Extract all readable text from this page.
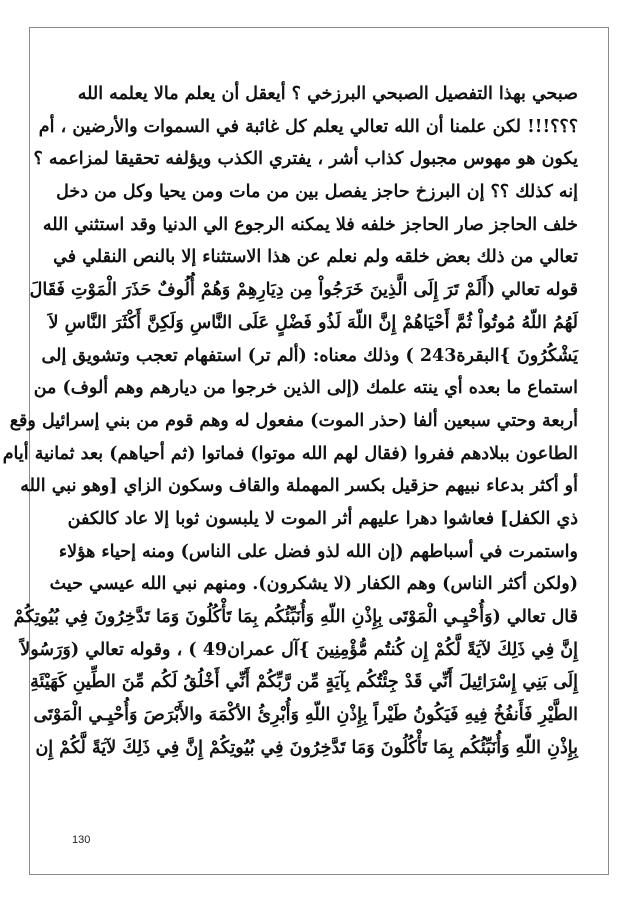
صبحي بهذا التفصيل الصبحي البرزخي ؟ أيعقل أن يعلم مالا يعلمه الله
؟؟؟!!! لكن علمنا أن الله تعالي يعلم كل غائبة في السموات والأرضين ، أم
يكون هو مهوس مجبول كذاب أشر ، يفتري الكذب ويؤلفه تحقيقا لمزاعمه ؟
إنه كذلك ؟؟ إن البرزخ حاجز يفصل بين من مات ومن يحيا وكل من دخل
خلف الحاجز صار الحاجز خلفه فلا يمكنه الرجوع الي الدنيا وقد استثني الله
تعالي من ذلك بعض خلقه ولم نعلم عن هذا الاستثناء إلا بالنص النقلي في
قوله تعالي (أَلَمْ تَرَ إِلَى الَّذِينَ خَرَجُواْ مِن دِيَارِهِمْ وَهُمْ أُلُوفٌ حَذَرَ الْمَوْتِ فَقَالَ
لَهُمُ اللّهُ مُوتُواْ ثُمَّ أَحْيَاهُمْ إِنَّ اللّهَ لَذُو فَضْلٍ عَلَى النَّاسِ وَلَكِنَّ أَكْثَرَ النَّاسِ لاَ
يَشْكُرُونَ }البقرة243 ) وذلك معناه: (ألم تر) استفهام تعجب وتشويق إلى
استماع ما بعده أي ينته علمك (إلى الذين خرجوا من ديارهم وهم ألوف) من
أربعة وحتي سبعين ألفا (حذر الموت) مفعول له وهم قوم من بني إسرائيل وقع
الطاعون ببلادهم ففروا (فقال لهم الله موتوا) فماتوا (ثم أحياهم) بعد ثمانية أيام
أو أكثر بدعاء نبيهم حزقيل بكسر المهملة والقاف وسكون الزاي [وهو نبي الله
ذي الكفل] فعاشوا دهرا عليهم أثر الموت لا يلبسون ثوبا إلا عاد كالكفن
واستمرت في أسباطهم (إن الله لذو فضل على الناس) ومنه إحياء هؤلاء
(ولكن أكثر الناس) وهم الكفار (لا يشكرون). ومنهم نبي الله عيسي حيث
قال تعالي (وَأُحْيِـي الْمَوْتَى بِإِذْنِ اللّهِ وَأُنَبِّئُكُم بِمَا تَأْكُلُونَ وَمَا تَدَّخِرُونَ فِي بُيُوتِكُمْ
إِنَّ فِي ذَلِكَ لآيَةً لَّكُمْ إِن كُنتُم مُّؤْمِنِينَ }آل عمران49 ) ، وقوله تعالي (وَرَسُولاً
إِلَى بَنِي إِسْرَائِيلَ أَنِّي قَدْ جِئْتُكُم بِآيَةٍ مِّن رَّبِّكُمْ أَنِّي أَخْلُقُ لَكُم مِّنَ الطِّينِ كَهَيْئَةِ
الطَّيْرِ فَأَنفُخُ فِيهِ فَيَكُونُ طَيْراً بِإِذْنِ اللّهِ وَأُبْرِئُ الأكْمَهَ والأَبْرَصَ وَأُحْيِـي الْمَوْتَى
بِإِذْنِ اللّهِ وَأُنَبِّئُكُم بِمَا تَأْكُلُونَ وَمَا تَدَّخِرُونَ فِي بُيُوتِكُمْ إِنَّ فِي ذَلِكَ لآيَةً لَّكُمْ إِن
130
